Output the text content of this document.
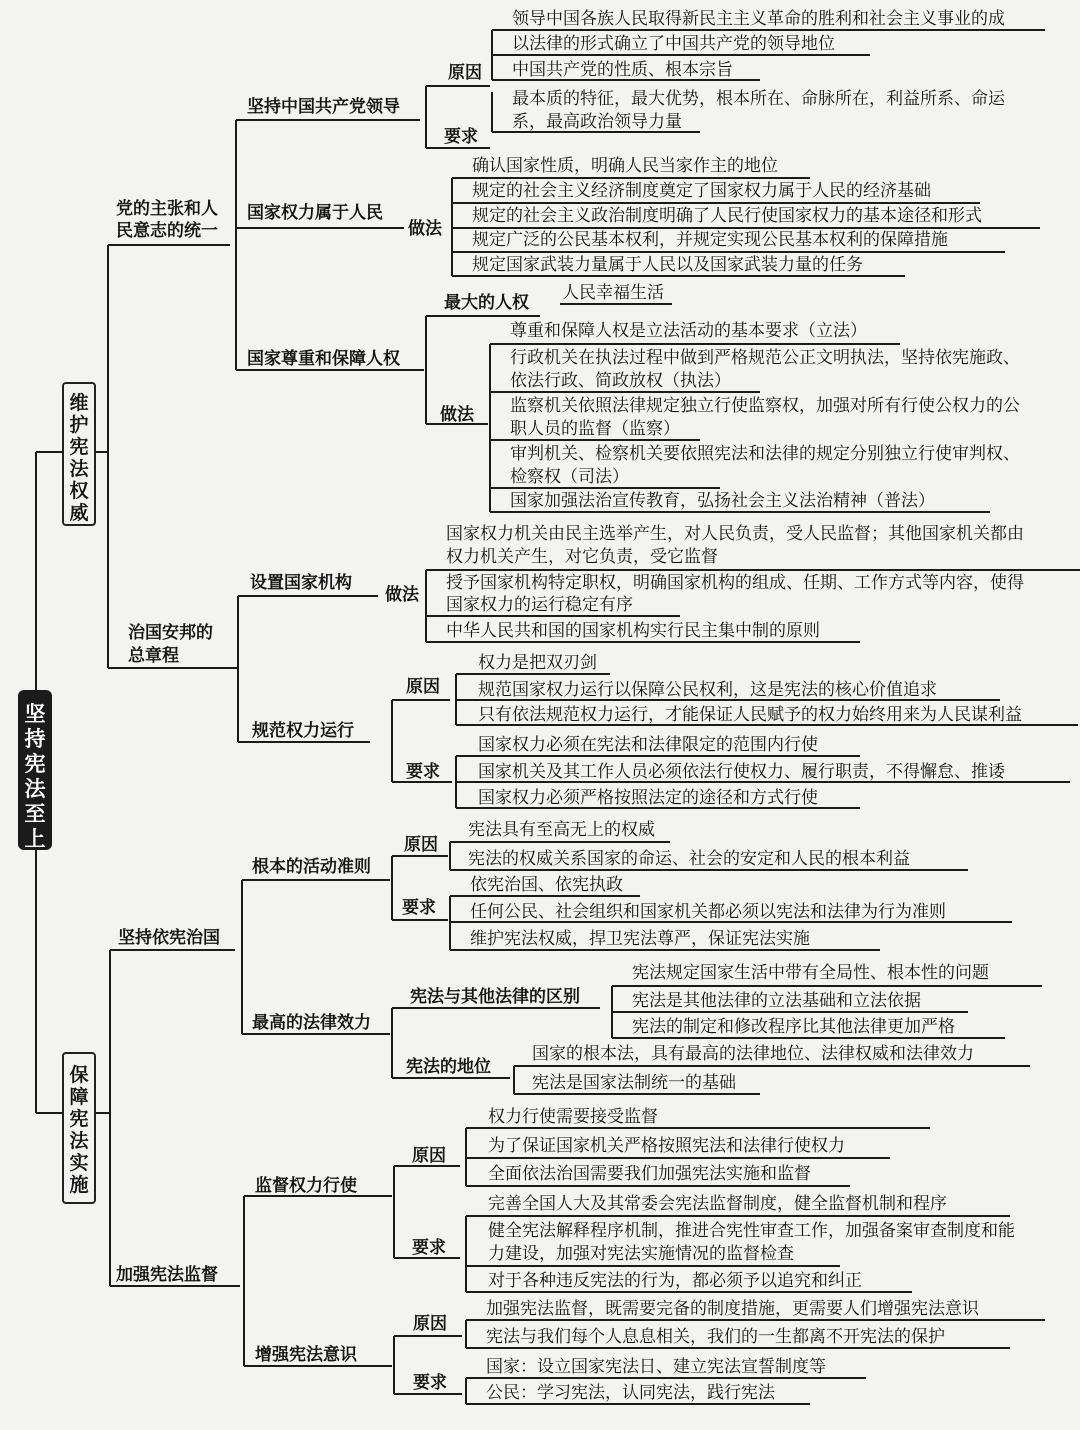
坚持宪法至上
维护宪法权威
保障宪法实施
党的主张和人民意志的统一
坚持中国共产党领导
原因
领导中国各族人民取得新民主主义革命的胜利和社会主义事业的成
以法律的形式确立了中国共产党的领导地位
中国共产党的性质、根本宗旨
要求
最本质的特征，最大优势，根本所在、命脉所在，利益所系、命运
系，最高政治领导力量
国家权力属于人民
做法
确认国家性质，明确人民当家作主的地位
规定的社会主义经济制度奠定了国家权力属于人民的经济基础
规定的社会主义政治制度明确了人民行使国家权力的基本途径和形式
规定广泛的公民基本权利，并规定实现公民基本权利的保障措施
规定国家武装力量属于人民以及国家武装力量的任务
国家尊重和保障人权
最大的人权 人民幸福生活
做法
尊重和保障人权是立法活动的基本要求（立法）
行政机关在执法过程中做到严格规范公正文明执法，坚持依宪施政、
依法行政、简政放权（执法）
监察机关依照法律规定独立行使监察权，加强对所有行使公权力的公
职人员的监督（监察）
审判机关、检察机关要依照宪法和法律的规定分别独立行使审判权、
检察权（司法）
国家加强法治宣传教育，弘扬社会主义法治精神（普法）
治国安邦的
总章程
设置国家机构
做法
国家权力机关由民主选举产生，对人民负责，受人民监督；其他国家机关都由
权力机关产生，对它负责，受它监督
授予国家机构特定职权，明确国家机构的组成、任期、工作方式等内容，使得
国家权力的运行稳定有序
中华人民共和国的国家机构实行民主集中制的原则
规范权力运行
原因
权力是把双刃剑
规范国家权力运行以保障公民权利，这是宪法的核心价值追求
只有依法规范权力运行，才能保证人民赋予的权力始终用来为人民谋利益
要求
国家权力必须在宪法和法律限定的范围内行使
国家机关及其工作人员必须依法行使权力、履行职责，不得懈怠、推诿
国家权力必须严格按照法定的途径和方式行使
坚持依宪治国
根本的活动准则
原因
宪法具有至高无上的权威
宪法的权威关系国家的命运、社会的安定和人民的根本利益
要求
依宪治国、依宪执政
任何公民、社会组织和国家机关都必须以宪法和法律为行为准则
维护宪法权威，捍卫宪法尊严，保证宪法实施
最高的法律效力
宪法与其他法律的区别
宪法规定国家生活中带有全局性、根本性的问题
宪法是其他法律的立法基础和立法依据
宪法的制定和修改程序比其他法律更加严格
宪法的地位
国家的根本法，具有最高的法律地位、法律权威和法律效力
宪法是国家法制统一的基础
加强宪法监督
监督权力行使
原因
权力行使需要接受监督
为了保证国家机关严格按照宪法和法律行使权力
全面依法治国需要我们加强宪法实施和监督
要求
完善全国人大及其常委会宪法监督制度，健全监督机制和程序
健全宪法解释程序机制，推进合宪性审查工作，加强备案审查制度和能
力建设，加强对宪法实施情况的监督检查
对于各种违反宪法的行为，都必须予以追究和纠正
增强宪法意识
原因
加强宪法监督，既需要完备的制度措施，更需要人们增强宪法意识
宪法与我们每个人息息相关，我们的一生都离不开宪法的保护
要求
国家：设立国家宪法日、建立宪法宣誓制度等
公民：学习宪法，认同宪法，践行宪法
